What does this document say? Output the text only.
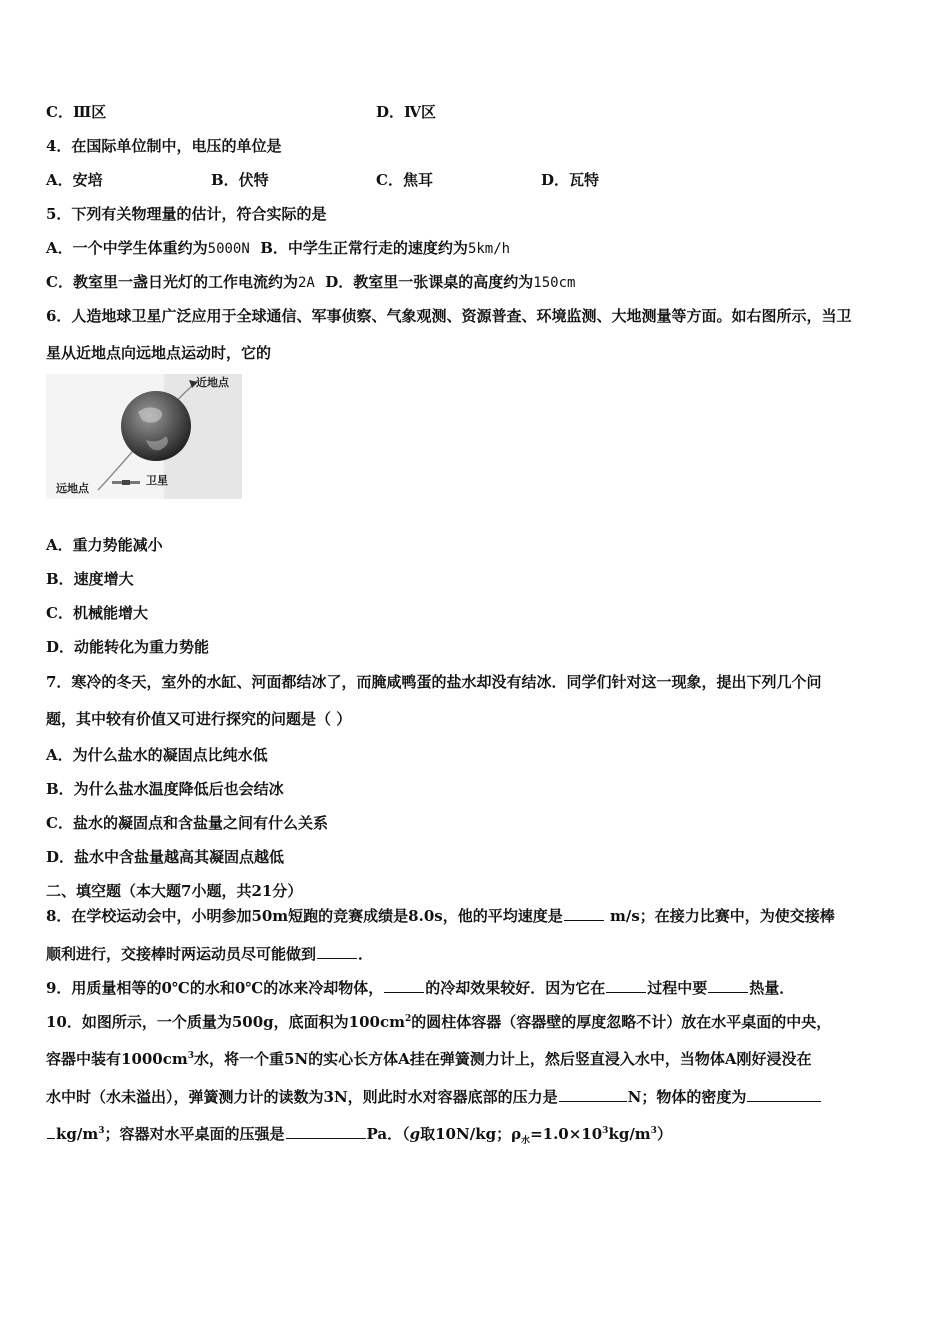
C．Ⅲ区	D．Ⅳ区
4．在国际单位制中，电压的单位是
A．安培	B．伏特	C．焦耳	D．瓦特
5．下列有关物理量的估计，符合实际的是
A．一个中学生体重约为5000N B．中学生正常行走的速度约为5km/h
C．教室里一盏日光灯的工作电流约为2A D．教室里一张课桌的高度约为150cm
6．人造地球卫星广泛应用于全球通信、军事侦察、气象观测、资源普查、环境监测、大地测量等方面。如右图所示，当卫
星从近地点向远地点运动时，它的
近地点
远地点
卫星
A．重力势能减小
B．速度增大
C．机械能增大
D．动能转化为重力势能
7．寒冷的冬天，室外的水缸、河面都结冰了，而腌咸鸭蛋的盐水却没有结冰．同学们针对这一现象，提出下列几个问
题，其中较有价值又可进行探究的问题是（ ）
A．为什么盐水的凝固点比纯水低
B．为什么盐水温度降低后也会结冰
C．盐水的凝固点和含盐量之间有什么关系
D．盐水中含盐量越高其凝固点越低
二、填空题（本大题7小题，共21分）
8．在学校运动会中，小明参加50m短跑的竞赛成绩是8.0s，他的平均速度是	m/s；在接力比赛中，为使交接棒
顺利进行，交接棒时两运动员尽可能做到	．
9．用质量相等的0℃的水和0℃的冰来冷却物体，	的冷却效果较好．因为它在	过程中要	热量．
10．如图所示，一个质量为500g，底面积为$100cm^2$的圆柱体容器（容器壁的厚度忽略不计）放在水平桌面的中央，
容器中装有$1000cm^3$水，将一个重5N的实心长方体A挂在弹簧测力计上，然后竖直浸入水中，当物体A刚好浸没在
水中时（水未溢出），弹簧测力计的读数为3N，则此时水对容器底部的压力是	N；物体的密度为
$kg/m^3$；容器对水平桌面的压强是	Pa．（g取10N/kg；$\rho_水=1.0\times 10^3kg/m^3$）
